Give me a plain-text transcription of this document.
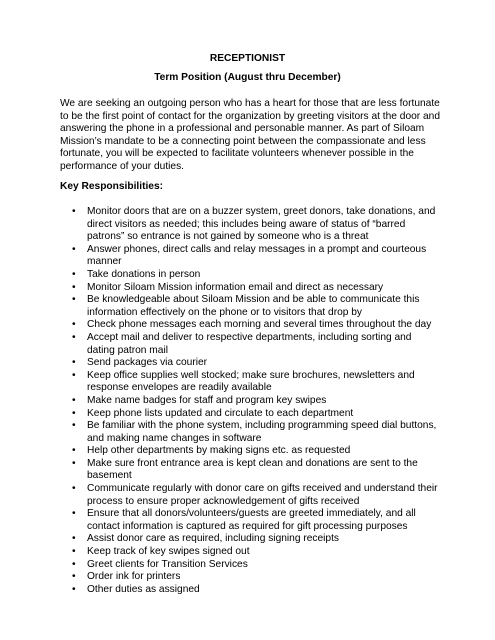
RECEPTIONIST
Term Position (August thru December)

We are seeking an outgoing person who has a heart for those that are less fortunate to be the first point of contact for the organization by greeting visitors at the door and answering the phone in a professional and personable manner. As part of Siloam Mission’s mandate to be a connecting point between the compassionate and less fortunate, you will be expected to facilitate volunteers whenever possible in the performance of your duties.

Key Responsibilities:

• Monitor doors that are on a buzzer system, greet donors, take donations, and direct visitors as needed; this includes being aware of status of “barred patrons” so entrance is not gained by someone who is a threat
• Answer phones, direct calls and relay messages in a prompt and courteous manner
• Take donations in person
• Monitor Siloam Mission information email and direct as necessary
• Be knowledgeable about Siloam Mission and be able to communicate this information effectively on the phone or to visitors that drop by
• Check phone messages each morning and several times throughout the day
• Accept mail and deliver to respective departments, including sorting and dating patron mail
• Send packages via courier
• Keep office supplies well stocked; make sure brochures, newsletters and response envelopes are readily available
• Make name badges for staff and program key swipes
• Keep phone lists updated and circulate to each department
• Be familiar with the phone system, including programming speed dial buttons, and making name changes in software
• Help other departments by making signs etc. as requested
• Make sure front entrance area is kept clean and donations are sent to the basement
• Communicate regularly with donor care on gifts received and understand their process to ensure proper acknowledgement of gifts received
• Ensure that all donors/volunteers/guests are greeted immediately, and all contact information is captured as required for gift processing purposes
• Assist donor care as required, including signing receipts
• Keep track of key swipes signed out
• Greet clients for Transition Services
• Order ink for printers
• Other duties as assigned
